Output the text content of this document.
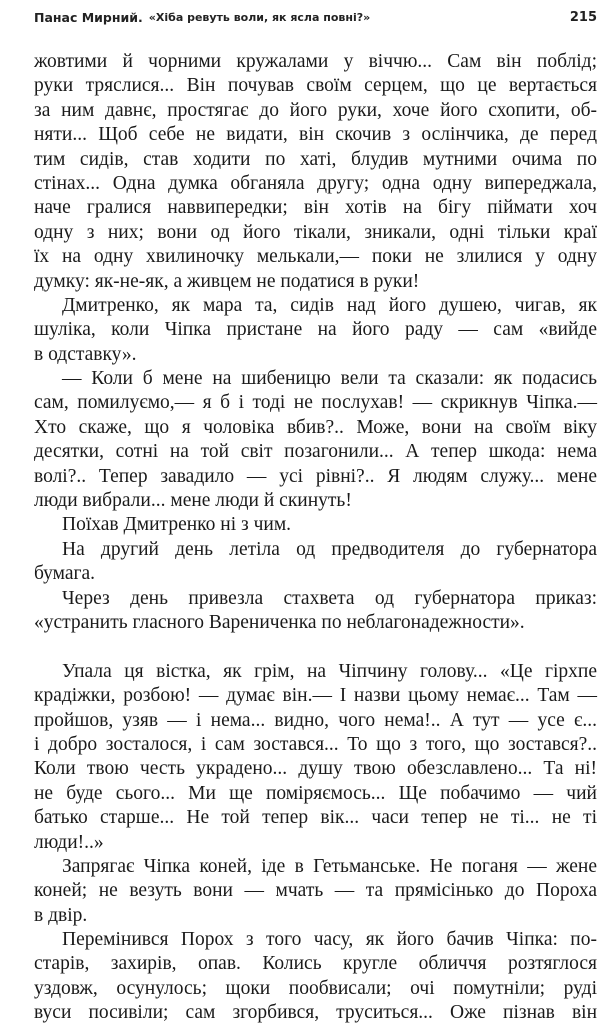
Панас Мирний. «Хіба ревуть воли, як ясла повні?»	215
жовтими й чорними кружалами у віччю... Сам він поблід;
руки тряслися... Він почував своїм серцем, що це вертається
за ним давнє, простягає до його руки, хоче його схопити, об-
няти... Щоб себе не видати, він скочив з ослінчика, де перед
тим сидів, став ходити по хаті, блудив мутними очима по
стінах... Одна думка обганяла другу; одна одну випереджала,
наче гралися наввипередки; він хотів на бігу піймати хоч
одну з них; вони од його тікали, зникали, одні тільки краї
їх на одну хвилиночку мелькали,— поки не злилися у одну
думку: як-не-як, а живцем не податися в руки!
Дмитренко, як мара та, сидів над його душею, чигав, як
шуліка, коли Чіпка пристане на його раду — сам «вийде
в одставку».
— Коли б мене на шибеницю вели та сказали: як подасись
сам, помилуємо,— я б і тоді не послухав! — скрикнув Чіпка.—
Хто скаже, що я чоловіка вбив?.. Може, вони на своїм віку
десятки, сотні на той світ позагонили... А тепер шкода: нема
волі?.. Тепер завадило — усі рівні?.. Я людям служу... мене
люди вибрали... мене люди й скинуть!
Поїхав Дмитренко ні з чим.
На другий день летіла од предводителя до губернатора
бумага.
Через день привезла стахвета од губернатора приказ:
«устранить гласного Варениченка по неблагонадежности».
Упала ця вістка, як грім, на Чіпчину голову... «Це гірхпе
крадіжки, розбою! — думає він.— І назви цьому немає... Там —
пройшов, узяв — і нема... видно, чого нема!.. А тут — усе є...
і добро зосталося, і сам зостався... То що з того, що зостався?..
Коли твою честь украдено... душу твою обезславлено... Та ні!
не буде сього... Ми ще поміряємось... Ще побачимо — чий
батько старше... Не той тепер вік... часи тепер не ті... не ті
люди!..»
Запрягає Чіпка коней, іде в Гетьманське. Не поганя — жене
коней; не везуть вони — мчать — та прямісінько до Пороха
в двір.
Перемінився Порох з того часу, як його бачив Чіпка: по-
старів, захирів, опав. Колись кругле обличчя розтяглося
уздовж, осунулось; щоки пообвисали; очі помутніли; руді
вуси посивіли; сам згорбився, труситься... Оже пізнав він
